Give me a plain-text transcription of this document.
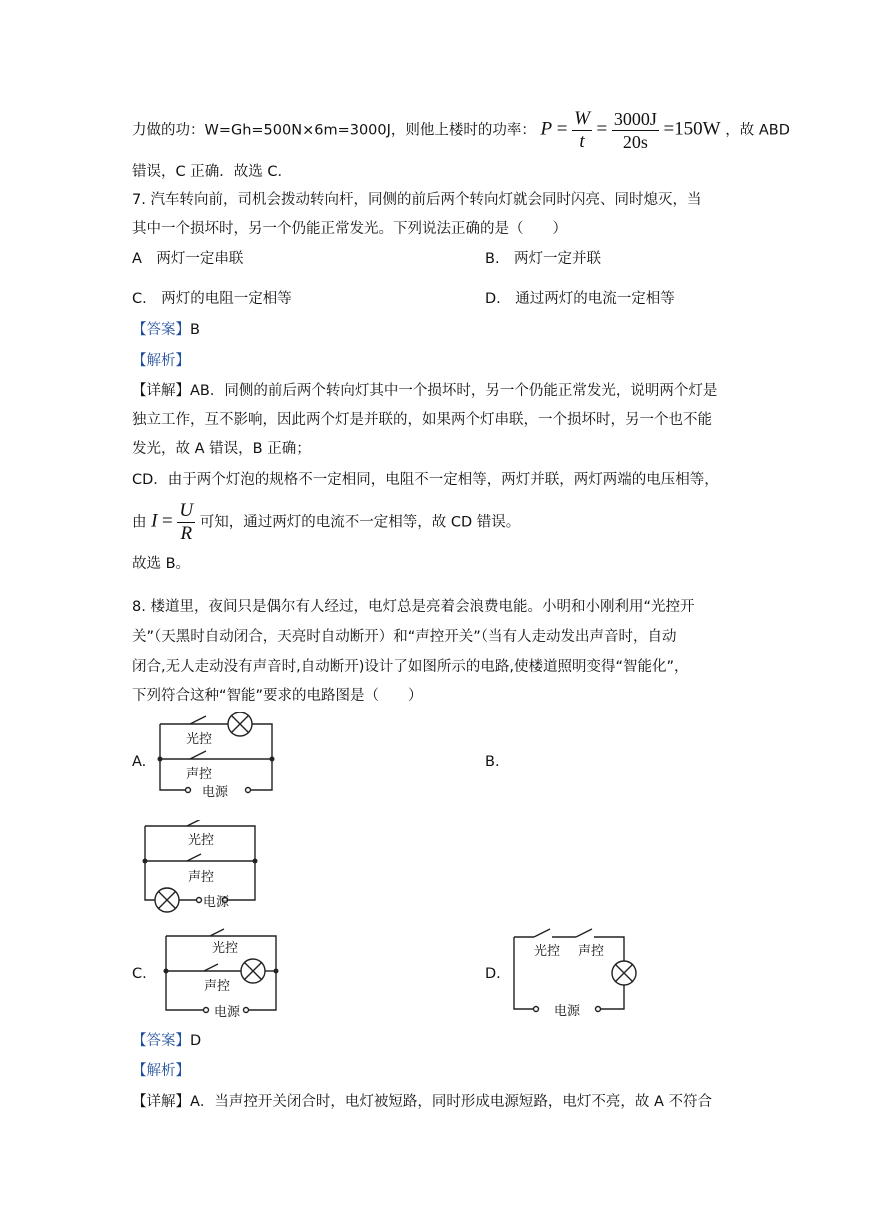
力做的功：W=Gh=500N×6m=3000J，则他上楼时的功率： $P = \frac{W}{t} = \frac{3000J}{20s} =150W$ ，故 ABD
错误，C 正确．故选 C．
7. 汽车转向前，司机会拨动转向杆，同侧的前后两个转向灯就会同时闪亮、同时熄灭，当
其中一个损坏时，另一个仍能正常发光。下列说法正确的是（　　）
A　两灯一定串联	B.　两灯一定并联
C.　两灯的电阻一定相等	D.　通过两灯的电流一定相等
【答案】B
【解析】
【详解】AB．同侧的前后两个转向灯其中一个损坏时，另一个仍能正常发光，说明两个灯是
独立工作，互不影响，因此两个灯是并联的，如果两个灯串联，一个损坏时，另一个也不能
发光，故 A 错误，B 正确；
CD．由于两个灯泡的规格不一定相同，电阻不一定相等，两灯并联，两灯两端的电压相等，
由 $I = \frac{U}{R}$ 可知，通过两灯的电流不一定相等，故 CD 错误。
故选 B。
8. 楼道里，夜间只是偶尔有人经过，电灯总是亮着会浪费电能。小明和小刚利用“光控开
关”（天黑时自动闭合，天亮时自动断开）和“声控开关”（当有人走动发出声音时，自动
闭合,无人走动没有声音时,自动断开)设计了如图所示的电路,使楼道照明变得“智能化”，
下列符合这种“智能”要求的电路图是（　　）
A.	B.
C.	D.
光控
声控
电源
光控
声控
电源
光控
声控
电源
光控 声控
电源
【答案】D
【解析】
【详解】A．当声控开关闭合时，电灯被短路，同时形成电源短路，电灯不亮，故 A 不符合
